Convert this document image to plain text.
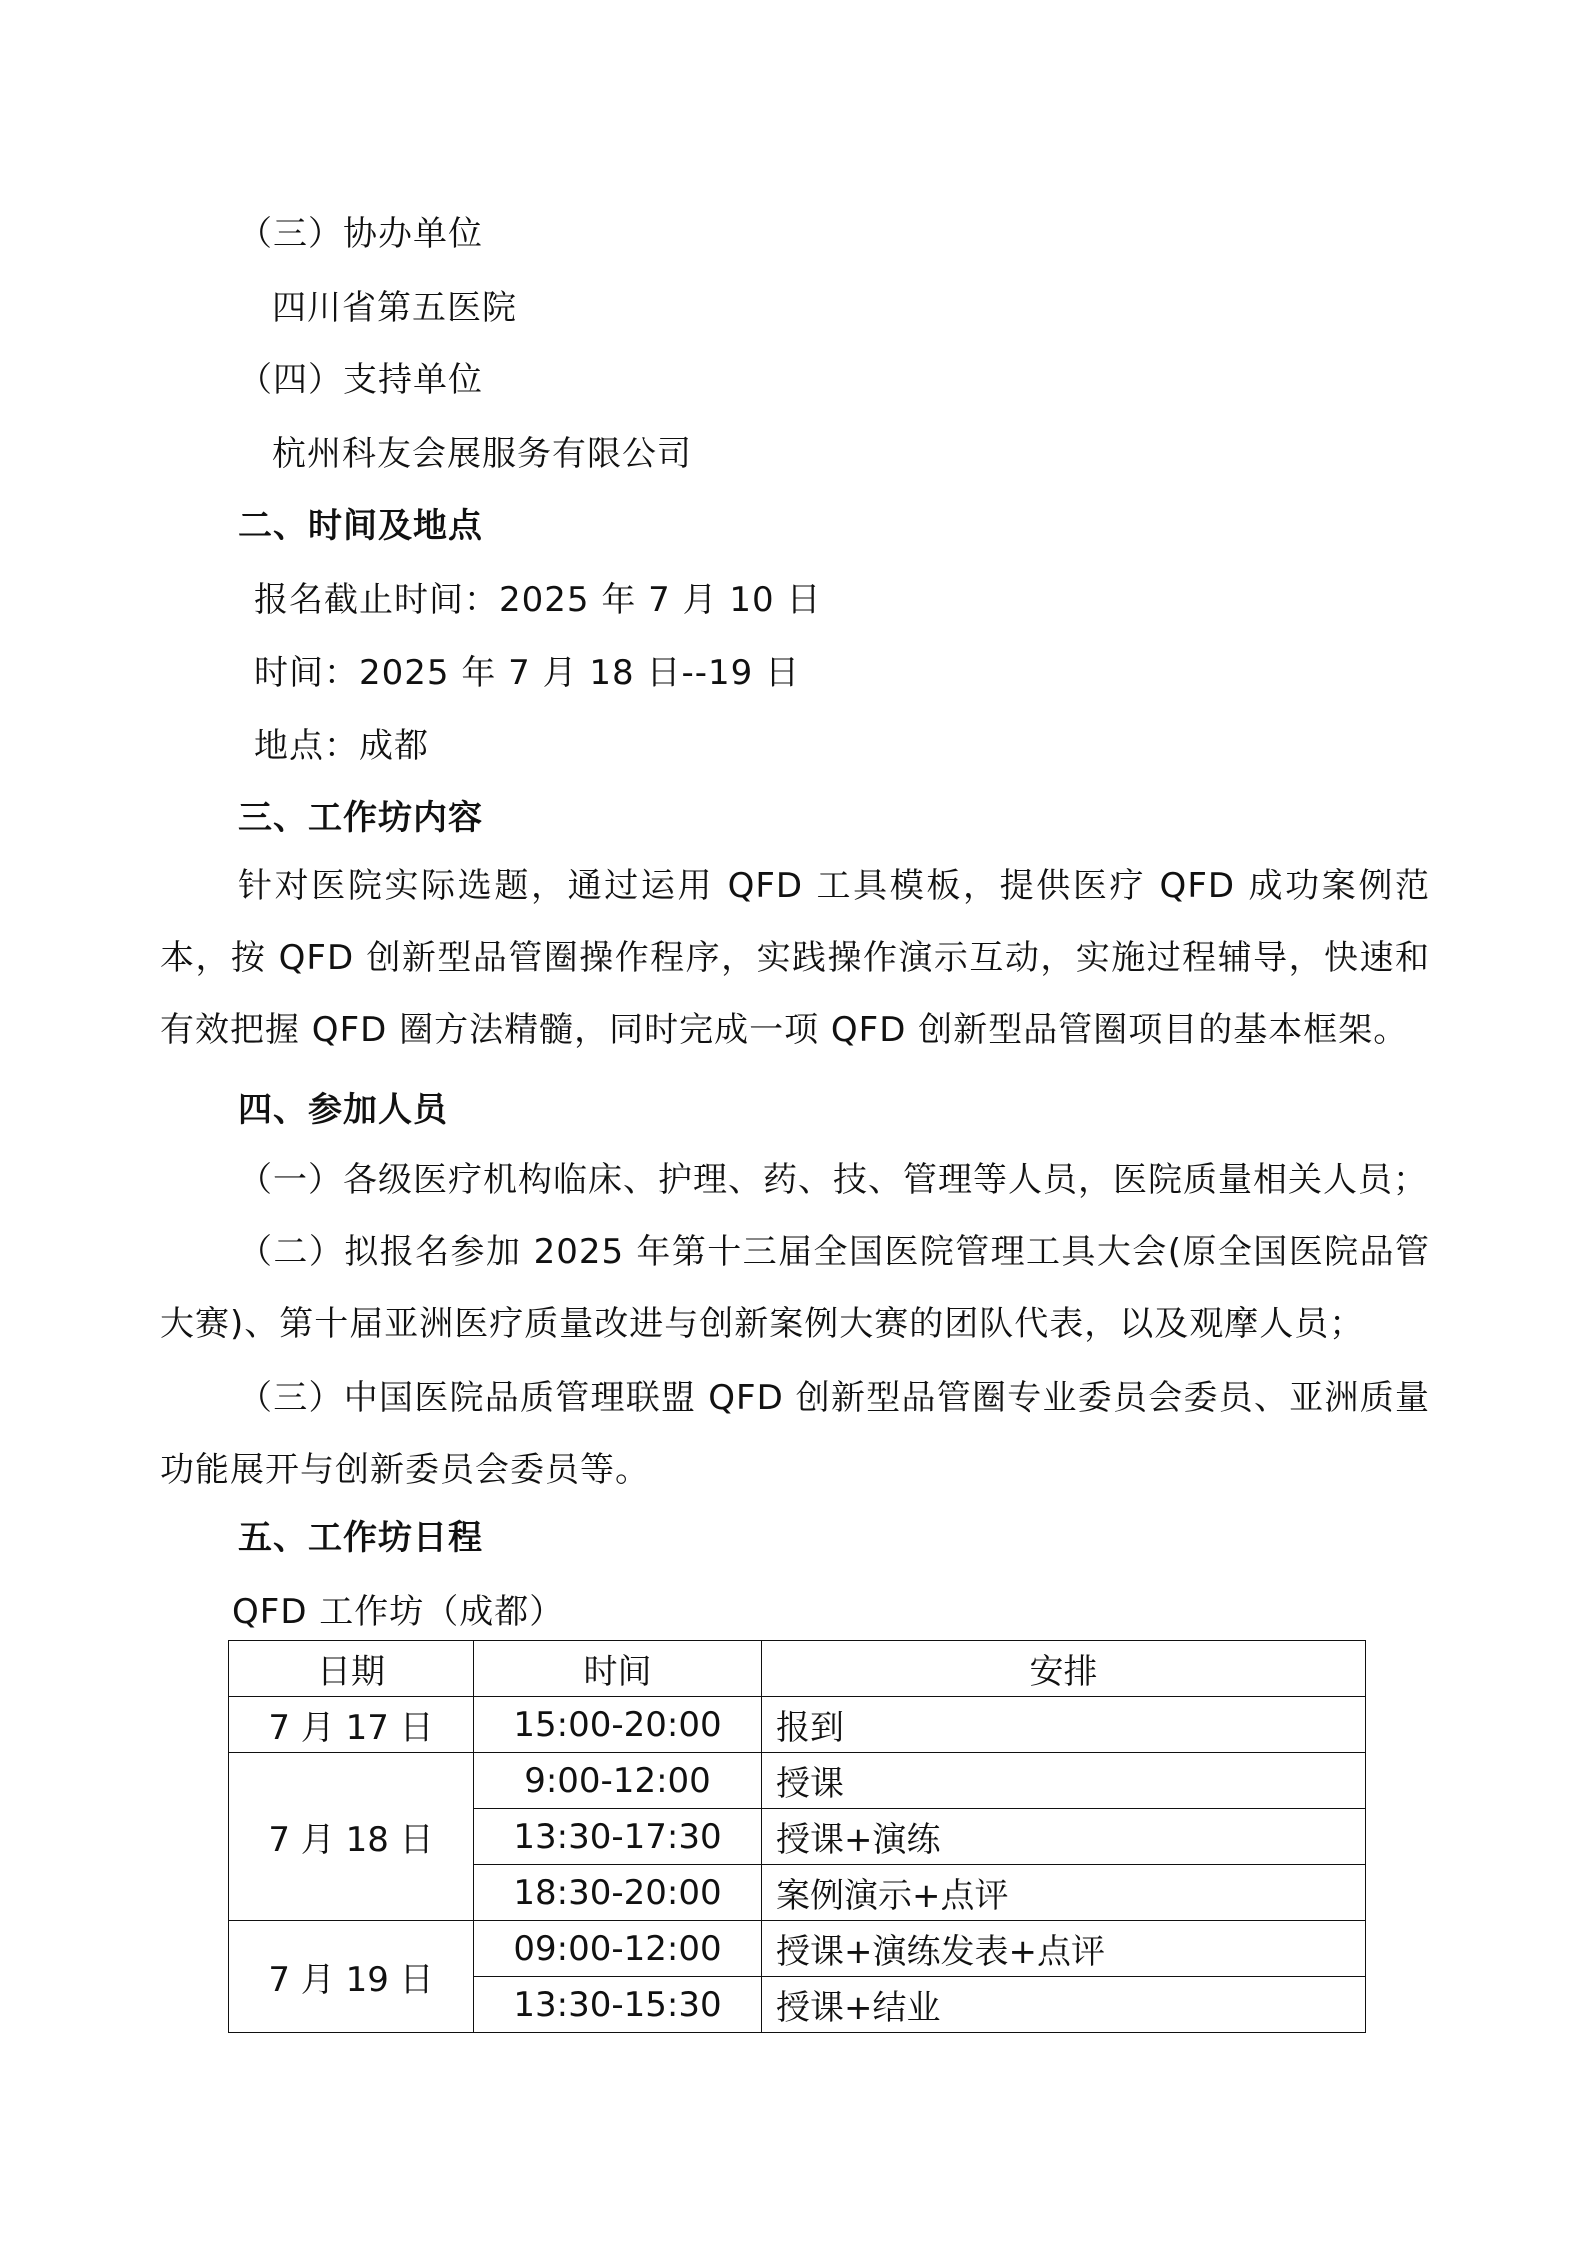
（三）协办单位
四川省第五医院
（四）支持单位
杭州科友会展服务有限公司
二、时间及地点
报名截止时间：2025 年 7 月 10 日
时间：2025 年 7 月 18 日--19 日
地点：成都
三、工作坊内容
针对医院实际选题，通过运用 QFD 工具模板，提供医疗 QFD 成功案例范本，按 QFD 创新型品管圈操作程序，实践操作演示互动，实施过程辅导，快速和有效把握 QFD 圈方法精髓，同时完成一项 QFD 创新型品管圈项目的基本框架。
四、参加人员
（一）各级医疗机构临床、护理、药、技、管理等人员，医院质量相关人员；
（二）拟报名参加 2025 年第十三届全国医院管理工具大会(原全国医院品管大赛)、第十届亚洲医疗质量改进与创新案例大赛的团队代表，以及观摩人员；
（三）中国医院品质管理联盟 QFD 创新型品管圈专业委员会委员、亚洲质量功能展开与创新委员会委员等。
五、工作坊日程
QFD 工作坊（成都）
日期	时间	安排
7 月 17 日	15:00-20:00	报到
7 月 18 日	9:00-12:00	授课
	13:30-17:30	授课+演练
	18:30-20:00	案例演示+点评
7 月 19 日	09:00-12:00	授课+演练发表+点评
	13:30-15:30	授课+结业
